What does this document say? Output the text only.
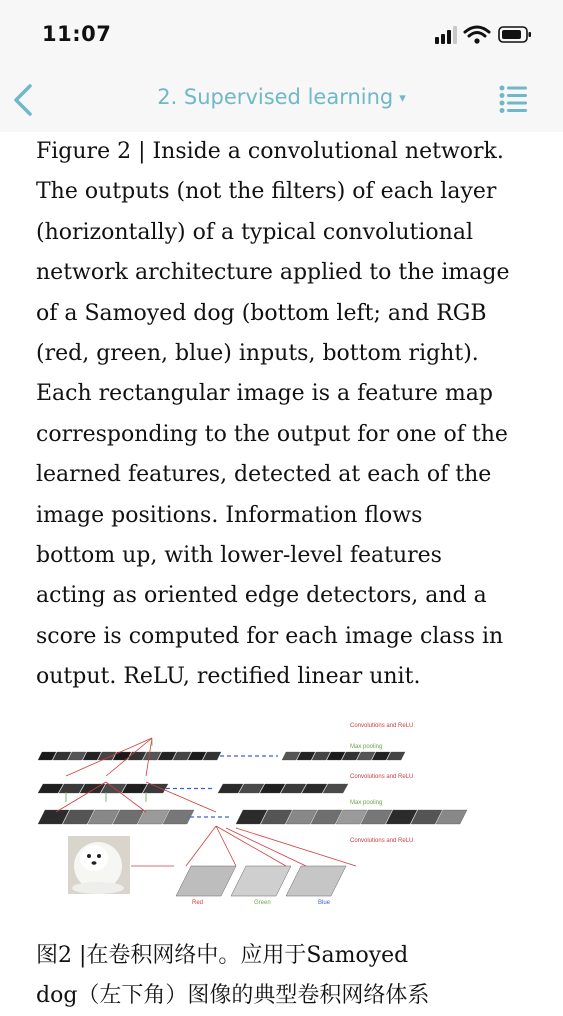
11:07
2. Supervised learning ▾

Figure 2 | Inside a convolutional network.
The outputs (not the filters) of each layer
(horizontally) of a typical convolutional
network architecture applied to the image
of a Samoyed dog (bottom left; and RGB
(red, green, blue) inputs, bottom right).
Each rectangular image is a feature map
corresponding to the output for one of the
learned features, detected at each of the
image positions. Information flows
bottom up, with lower-level features
acting as oriented edge detectors, and a
score is computed for each image class in
output. ReLU, rectified linear unit.

Convolutions and ReLU
Max pooling
Convolutions and ReLU
Max pooling
Convolutions and ReLU
Red	Green	Blue
图2 |在卷积网络中。应用于Samoyed
dog（左下角）图像的典型卷积网络体系
